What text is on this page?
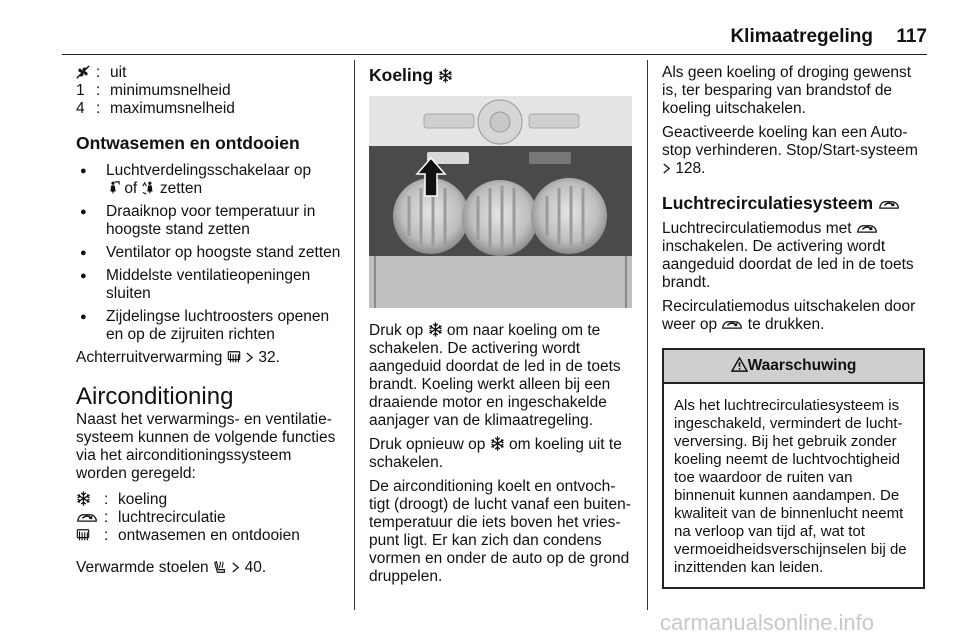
Klimaatregeling 117
: uit
1 : minimumsnelheid
4 : maximumsnelheid
Ontwasemen en ontdooien
● Luchtverdelingsschakelaar op
of zetten
● Draaiknop voor temperatuur in hoogste stand zetten
● Ventilator op hoogste stand zetten
● Middelste ventilatieopeningen sluiten
● Zijdelingse luchtroosters openen en op de zijruiten richten

Achterruitverwarming 32.

Airconditioning

Naast het verwarmings- en ventilatie-systeem kunnen de volgende functies via het airconditioningssysteem worden geregeld:

: koeling
: luchtrecirculatie
: ontwasemen en ontdooien

Verwarmde stoelen 40.

Koeling

Druk op om naar koeling om te schakelen. De activering wordt aangeduid doordat de led in de toets brandt. Koeling werkt alleen bij een draaiende motor en ingeschakelde aanjager van de klimaatregeling.

Druk opnieuw op om koeling uit te schakelen.

De airconditioning koelt en ontvoch-tigt (droogt) de lucht vanaf een buiten-temperatuur die iets boven het vries-punt ligt. Er kan zich dan condens vormen en onder de auto op de grond druppelen.

Als geen koeling of droging gewenst is, ter besparing van brandstof de koeling uitschakelen.

Geactiveerde koeling kan een Auto-stop verhinderen. Stop/Start-systeem  128.

Luchtrecirculatiesysteem

Luchtrecirculatiemodus met  inschakelen. De activering wordt aangeduid doordat de led in de toets brandt.

Recirculatiemodus uitschakelen door weer op te drukken.

Waarschuwing
Als het luchtrecirculatiesysteem is ingeschakeld, vermindert de lucht-verversing. Bij het gebruik zonder koeling neemt de luchtvochtigheid toe waardoor de ruiten van binnenuit kunnen aandampen. De kwaliteit van de binnenlucht neemt na verloop van tijd af, wat tot vermoeidheidsverschijnselen bij de inzittenden kan leiden.
carmanualsonline.info
